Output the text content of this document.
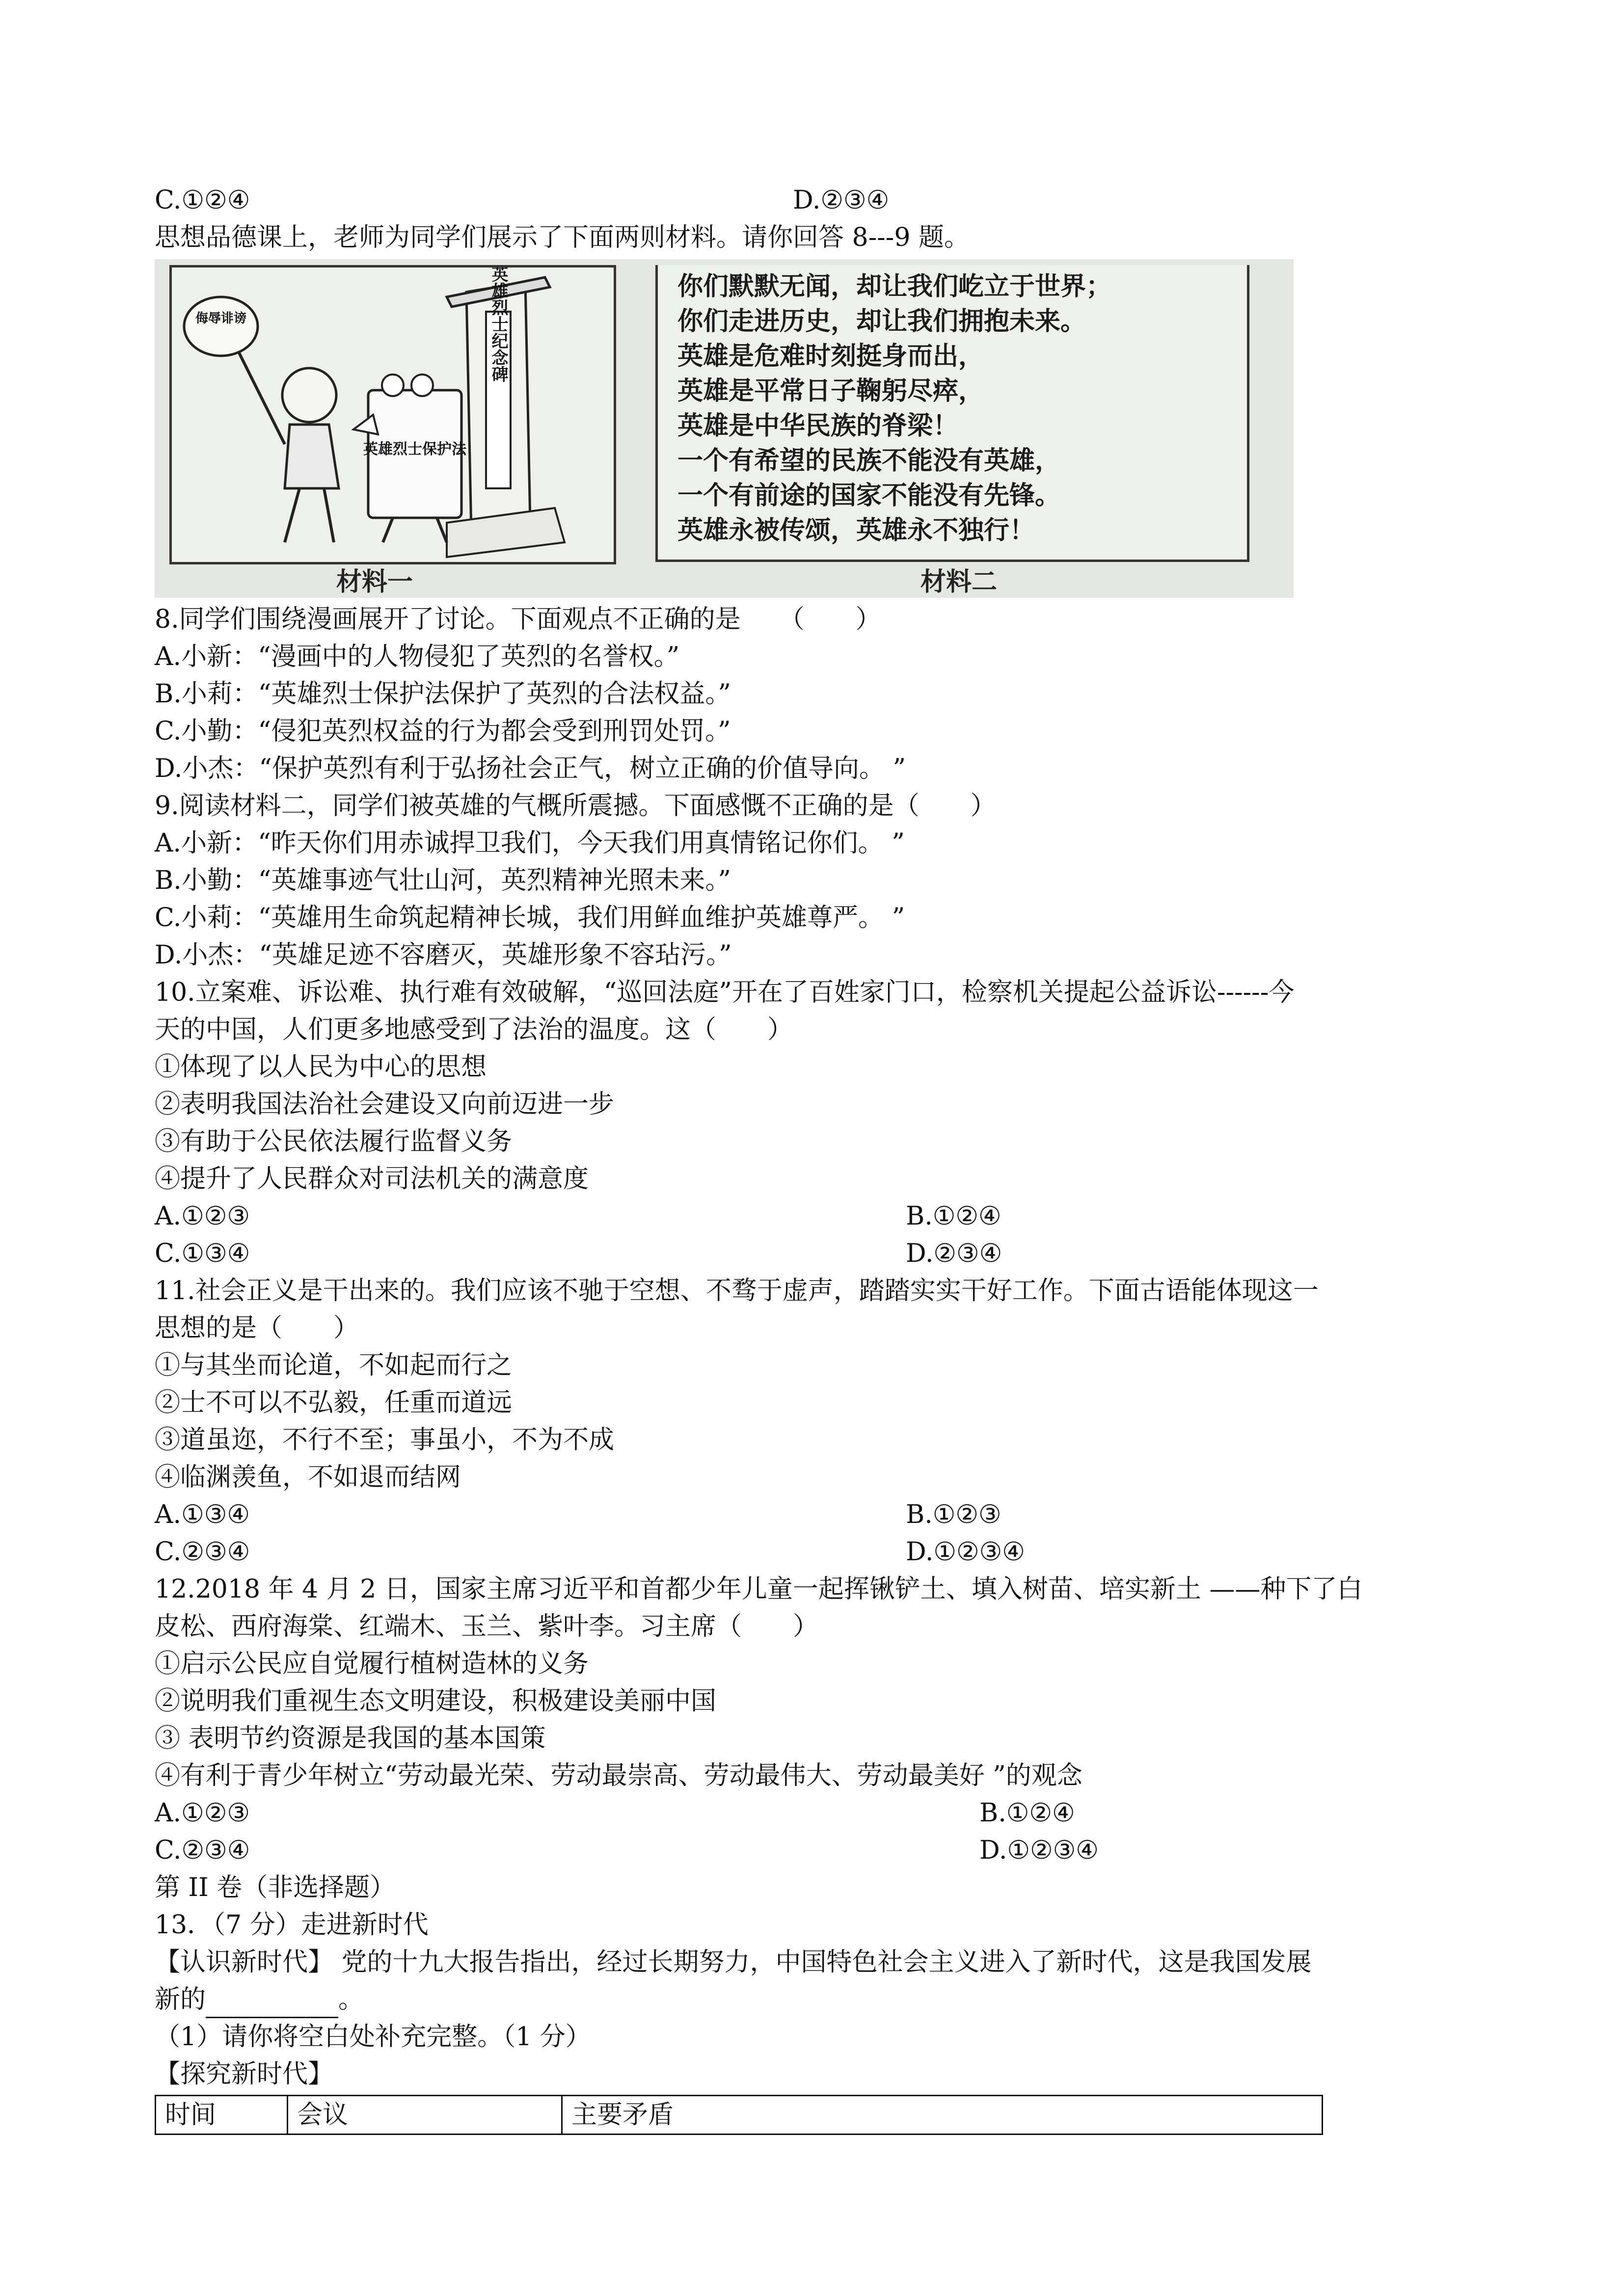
C.①②④	D.②③④
思想品德课上，老师为同学们展示了下面两则材料。请你回答 8---9 题。
英雄烈士纪念碑
英雄烈士保护法
侮辱诽谤
材料一
你们默默无闻，却让我们屹立于世界；
你们走进历史，却让我们拥抱未来。
英雄是危难时刻挺身而出，
英雄是平常日子鞠躬尽瘁，
英雄是中华民族的脊梁！
一个有希望的民族不能没有英雄，
一个有前途的国家不能没有先锋。
英雄永被传颂，英雄永不独行！
材料二
8.同学们围绕漫画展开了讨论。下面观点不正确的是　　（　　）
A.小新：“漫画中的人物侵犯了英烈的名誉权。”
B.小莉：“英雄烈士保护法保护了英烈的合法权益。”
C.小勤：“侵犯英烈权益的行为都会受到刑罚处罚。”
D.小杰：“保护英烈有利于弘扬社会正气，树立正确的价值导向。 ”
9.阅读材料二，同学们被英雄的气概所震撼。下面感慨不正确的是（　　）
A.小新：“昨天你们用赤诚捍卫我们，今天我们用真情铭记你们。 ”
B.小勤：“英雄事迹气壮山河，英烈精神光照未来。”
C.小莉：“英雄用生命筑起精神长城，我们用鲜血维护英雄尊严。 ”
D.小杰：“英雄足迹不容磨灭，英雄形象不容玷污。”
10.立案难、诉讼难、执行难有效破解，“巡回法庭”开在了百姓家门口，检察机关提起公益诉讼------今
天的中国，人们更多地感受到了法治的温度。这（　　）
①体现了以人民为中心的思想
②表明我国法治社会建设又向前迈进一步
③有助于公民依法履行监督义务
④提升了人民群众对司法机关的满意度
A.①②③	B.①②④
C.①③④	D.②③④
11.社会正义是干出来的。我们应该不驰于空想、不骛于虚声，踏踏实实干好工作。下面古语能体现这一
思想的是（　　）
①与其坐而论道，不如起而行之
②士不可以不弘毅，任重而道远
③道虽迩，不行不至；事虽小，不为不成
④临渊羡鱼，不如退而结网
A.①③④	B.①②③
C.②③④	D.①②③④
12.2018 年 4 月 2 日，国家主席习近平和首都少年儿童一起挥锹铲土、填入树苗、培实新土 ——种下了白
皮松、西府海棠、红端木、玉兰、紫叶李。习主席（　　）
①启示公民应自觉履行植树造林的义务
②说明我们重视生态文明建设，积极建设美丽中国
③ 表明节约资源是我国的基本国策
④有利于青少年树立“劳动最光荣、劳动最崇高、劳动最伟大、劳动最美好 ”的观念
A.①②③	B.①②④
C.②③④	D.①②③④
第 II 卷（非选择题）
13．（7 分）走进新时代
【认识新时代】 党的十九大报告指出，经过长期努力，中国特色社会主义进入了新时代，这是我国发展
新的	。
（1）请你将空白处补充完整。（1 分）
【探究新时代】
时间	会议	主要矛盾
